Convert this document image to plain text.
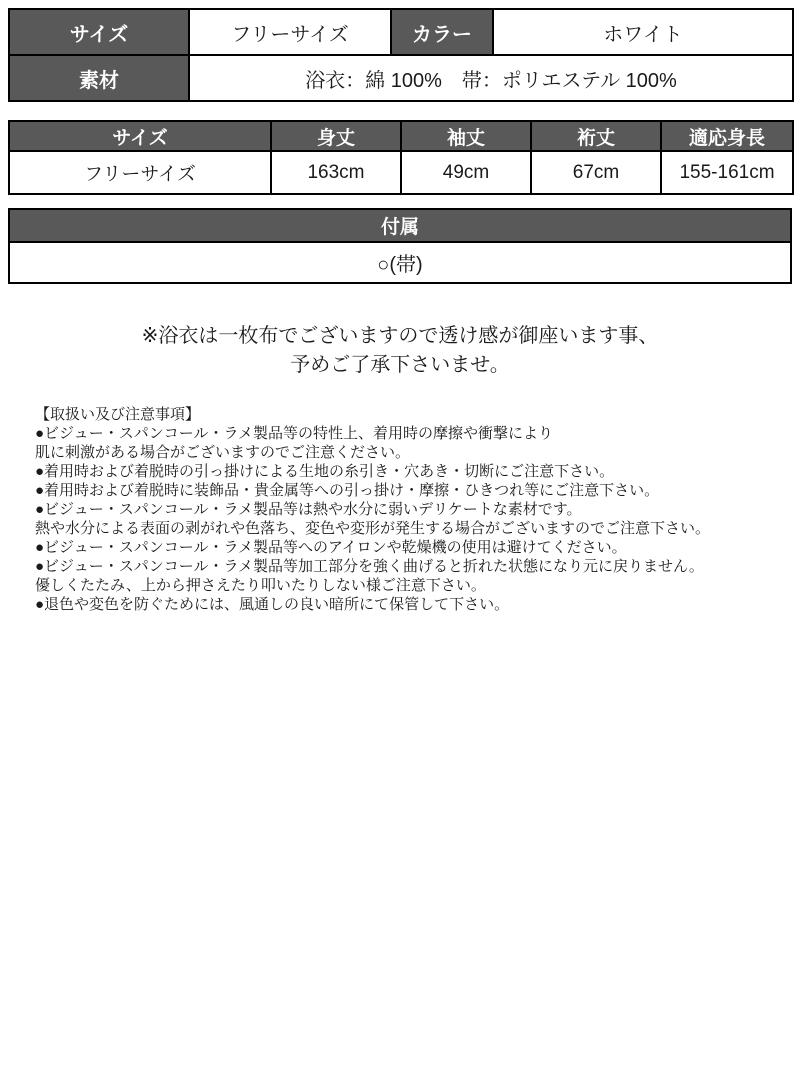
サイズ	フリーサイズ	カラー	ホワイト
素材	浴衣：綿 100%　帯：ポリエステル 100%		
サイズ	身丈	袖丈	裄丈	適応身長
フリーサイズ	163cm	49cm	67cm	155-161cm
付属
○(帯)
※浴衣は一枚布でございますので透け感が御座います事、
予めご了承下さいませ。
【取扱い及び注意事項】
●ビジュー・スパンコール・ラメ製品等の特性上、着用時の摩擦や衝撃により
肌に刺激がある場合がございますのでご注意ください。
●着用時および着脱時の引っ掛けによる生地の糸引き・穴あき・切断にご注意下さい。
●着用時および着脱時に装飾品・貴金属等への引っ掛け・摩擦・ひきつれ等にご注意下さい。
●ビジュー・スパンコール・ラメ製品等は熱や水分に弱いデリケートな素材です。
熱や水分による表面の剥がれや色落ち、変色や変形が発生する場合がございますのでご注意下さい。
●ビジュー・スパンコール・ラメ製品等へのアイロンや乾燥機の使用は避けてください。
●ビジュー・スパンコール・ラメ製品等加工部分を強く曲げると折れた状態になり元に戻りません。
優しくたたみ、上から押さえたり叩いたりしない様ご注意下さい。
●退色や変色を防ぐためには、風通しの良い暗所にて保管して下さい。
